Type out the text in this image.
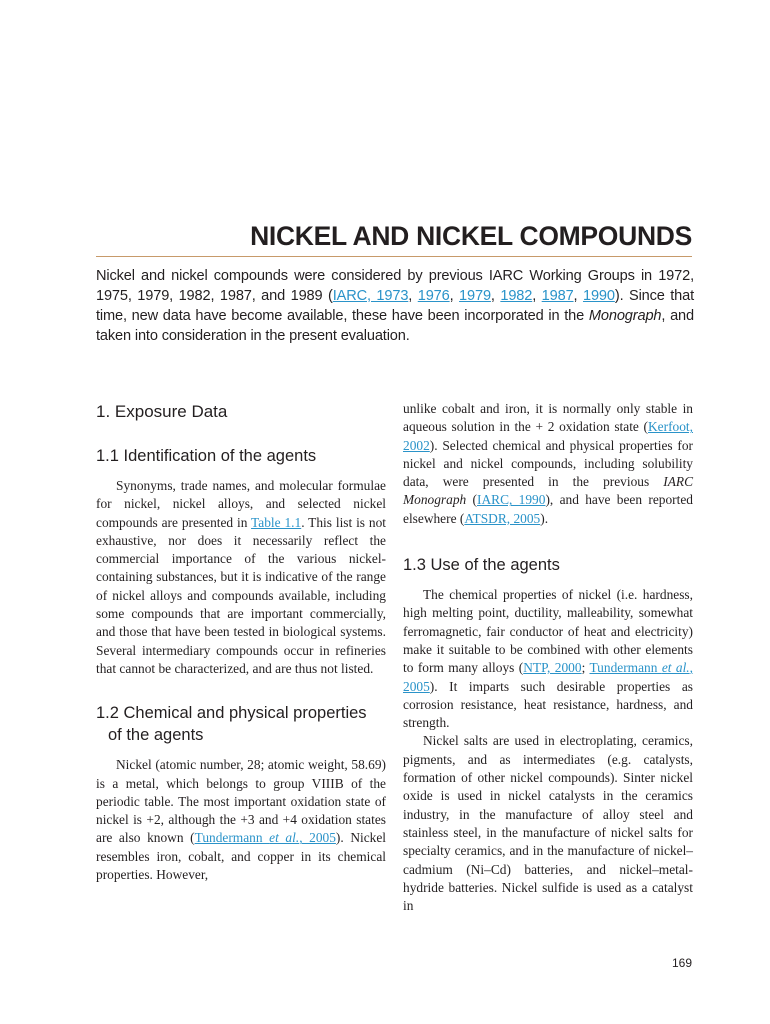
NICKEL AND NICKEL COMPOUNDS

Nickel and nickel compounds were considered by previous IARC Working Groups in 1972, 1975, 1979, 1982, 1987, and 1989 (IARC, 1973, 1976, 1979, 1982, 1987, 1990). Since that time, new data have become available, these have been incorporated in the Monograph, and taken into consideration in the present evaluation.

1. Exposure Data
1.1 Identification of the agents

Synonyms, trade names, and molecular formulae for nickel, nickel alloys, and selected nickel compounds are presented in Table 1.1. This list is not exhaustive, nor does it necessarily reflect the commercial importance of the various nickel-containing substances, but it is indicative of the range of nickel alloys and compounds available, including some compounds that are important commercially, and those that have been tested in biological systems. Several intermediary compounds occur in refineries that cannot be characterized, and are thus not listed.

1.2 Chemical and physical properties
of the agents

Nickel (atomic number, 28; atomic weight, 58.69) is a metal, which belongs to group VIIIB of the periodic table. The most important oxidation state of nickel is +2, although the +3 and +4 oxidation states are also known (Tundermann et al., 2005). Nickel resembles iron, cobalt, and copper in its chemical properties. However,

unlike cobalt and iron, it is normally only stable in aqueous solution in the + 2 oxidation state (Kerfoot, 2002). Selected chemical and physical properties for nickel and nickel compounds, including solubility data, were presented in the previous IARC Monograph (IARC, 1990), and have been reported elsewhere (ATSDR, 2005).

1.3 Use of the agents

The chemical properties of nickel (i.e. hardness, high melting point, ductility, malleability, somewhat ferromagnetic, fair conductor of heat and electricity) make it suitable to be combined with other elements to form many alloys (NTP, 2000; Tundermann et al., 2005). It imparts such desirable properties as corrosion resistance, heat resistance, hardness, and strength.

Nickel salts are used in electroplating, ceramics, pigments, and as intermediates (e.g. catalysts, formation of other nickel compounds). Sinter nickel oxide is used in nickel catalysts in the ceramics industry, in the manufacture of alloy steel and stainless steel, in the manufacture of nickel salts for specialty ceramics, and in the manufacture of nickel–cadmium (Ni–Cd) batteries, and nickel–metal-hydride batteries. Nickel sulfide is used as a catalyst in

169
